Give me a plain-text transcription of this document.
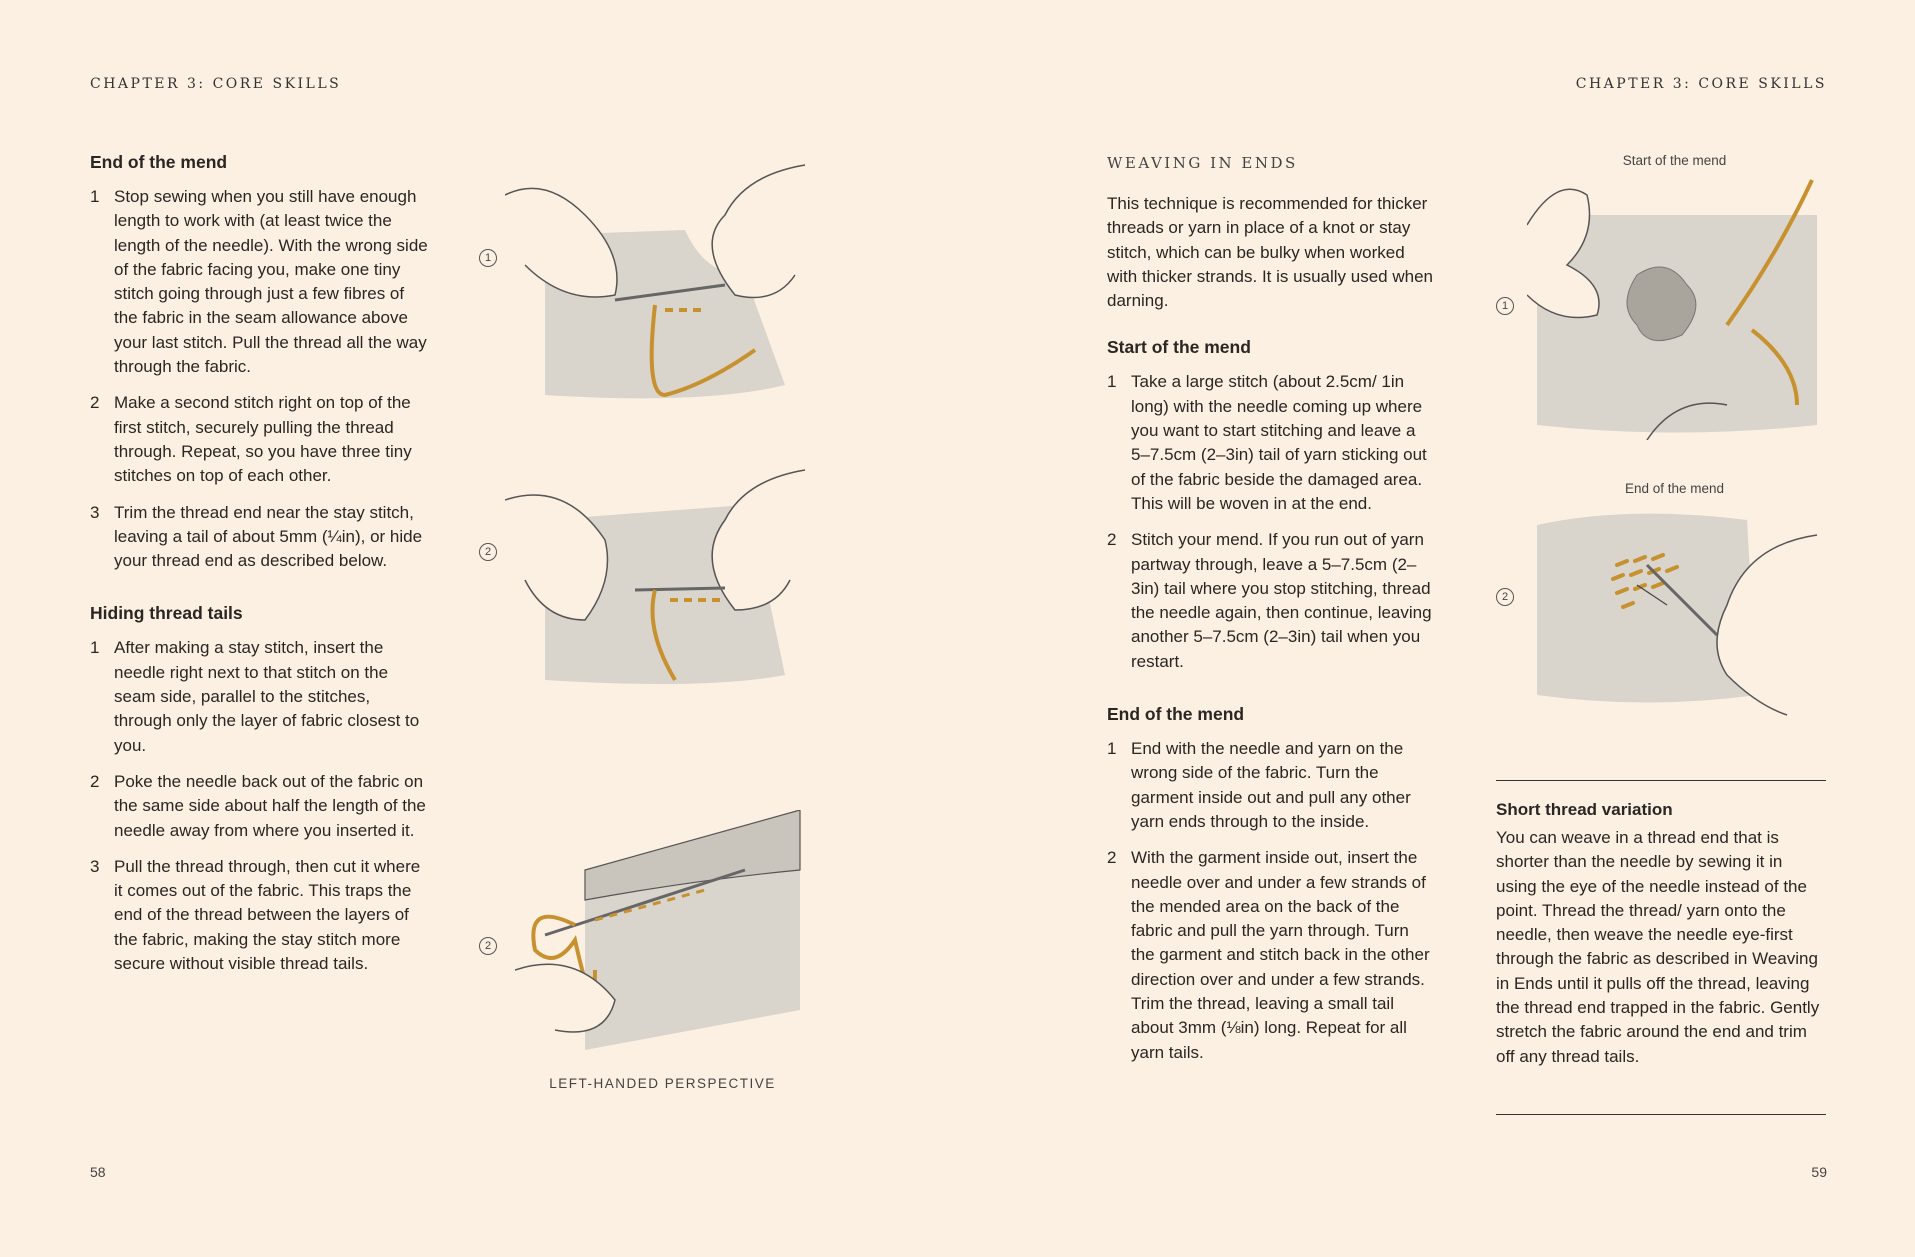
CHAPTER 3: CORE SKILLS
End of the mend
1 Stop sewing when you still have enough length to work with (at least twice the length of the needle). With the wrong side of the fabric facing you, make one tiny stitch going through just a few fibres of the fabric in the seam allowance above your last stitch. Pull the thread all the way through the fabric.
2 Make a second stitch right on top of the first stitch, securely pulling the thread through. Repeat, so you have three tiny stitches on top of each other.
3 Trim the thread end near the stay stitch, leaving a tail of about 5mm (¼in), or hide your thread end as described below.
Hiding thread tails
1 After making a stay stitch, insert the needle right next to that stitch on the seam side, parallel to the stitches, through only the layer of fabric closest to you.
2 Poke the needle back out of the fabric on the same side about half the length of the needle away from where you inserted it.
3 Pull the thread through, then cut it where it comes out of the fabric. This traps the end of the thread between the layers of the fabric, making the stay stitch more secure without visible thread tails.
1
2
2
LEFT-HANDED PERSPECTIVE
58
CHAPTER 3: CORE SKILLS
WEAVING IN ENDS
This technique is recommended for thicker threads or yarn in place of a knot or stay stitch, which can be bulky when worked with thicker strands. It is usually used when darning.
Start of the mend
1 Take a large stitch (about 2.5cm/ 1in long) with the needle coming up where you want to start stitching and leave a 5–7.5cm (2–3in) tail of yarn sticking out of the fabric beside the damaged area. This will be woven in at the end.
2 Stitch your mend. If you run out of yarn partway through, leave a 5–7.5cm (2–3in) tail where you stop stitching, thread the needle again, then continue, leaving another 5–7.5cm (2–3in) tail when you restart.
End of the mend
1 End with the needle and yarn on the wrong side of the fabric. Turn the garment inside out and pull any other yarn ends through to the inside.
2 With the garment inside out, insert the needle over and under a few strands of the mended area on the back of the fabric and pull the yarn through. Turn the garment and stitch back in the other direction over and under a few strands. Trim the thread, leaving a small tail about 3mm (⅛in) long. Repeat for all yarn tails.
Start of the mend
1
End of the mend
2
Short thread variation
You can weave in a thread end that is shorter than the needle by sewing it in using the eye of the needle instead of the point. Thread the thread/ yarn onto the needle, then weave the needle eye-first through the fabric as described in Weaving in Ends until it pulls off the thread, leaving the thread end trapped in the fabric. Gently stretch the fabric around the end and trim off any thread tails.
59
